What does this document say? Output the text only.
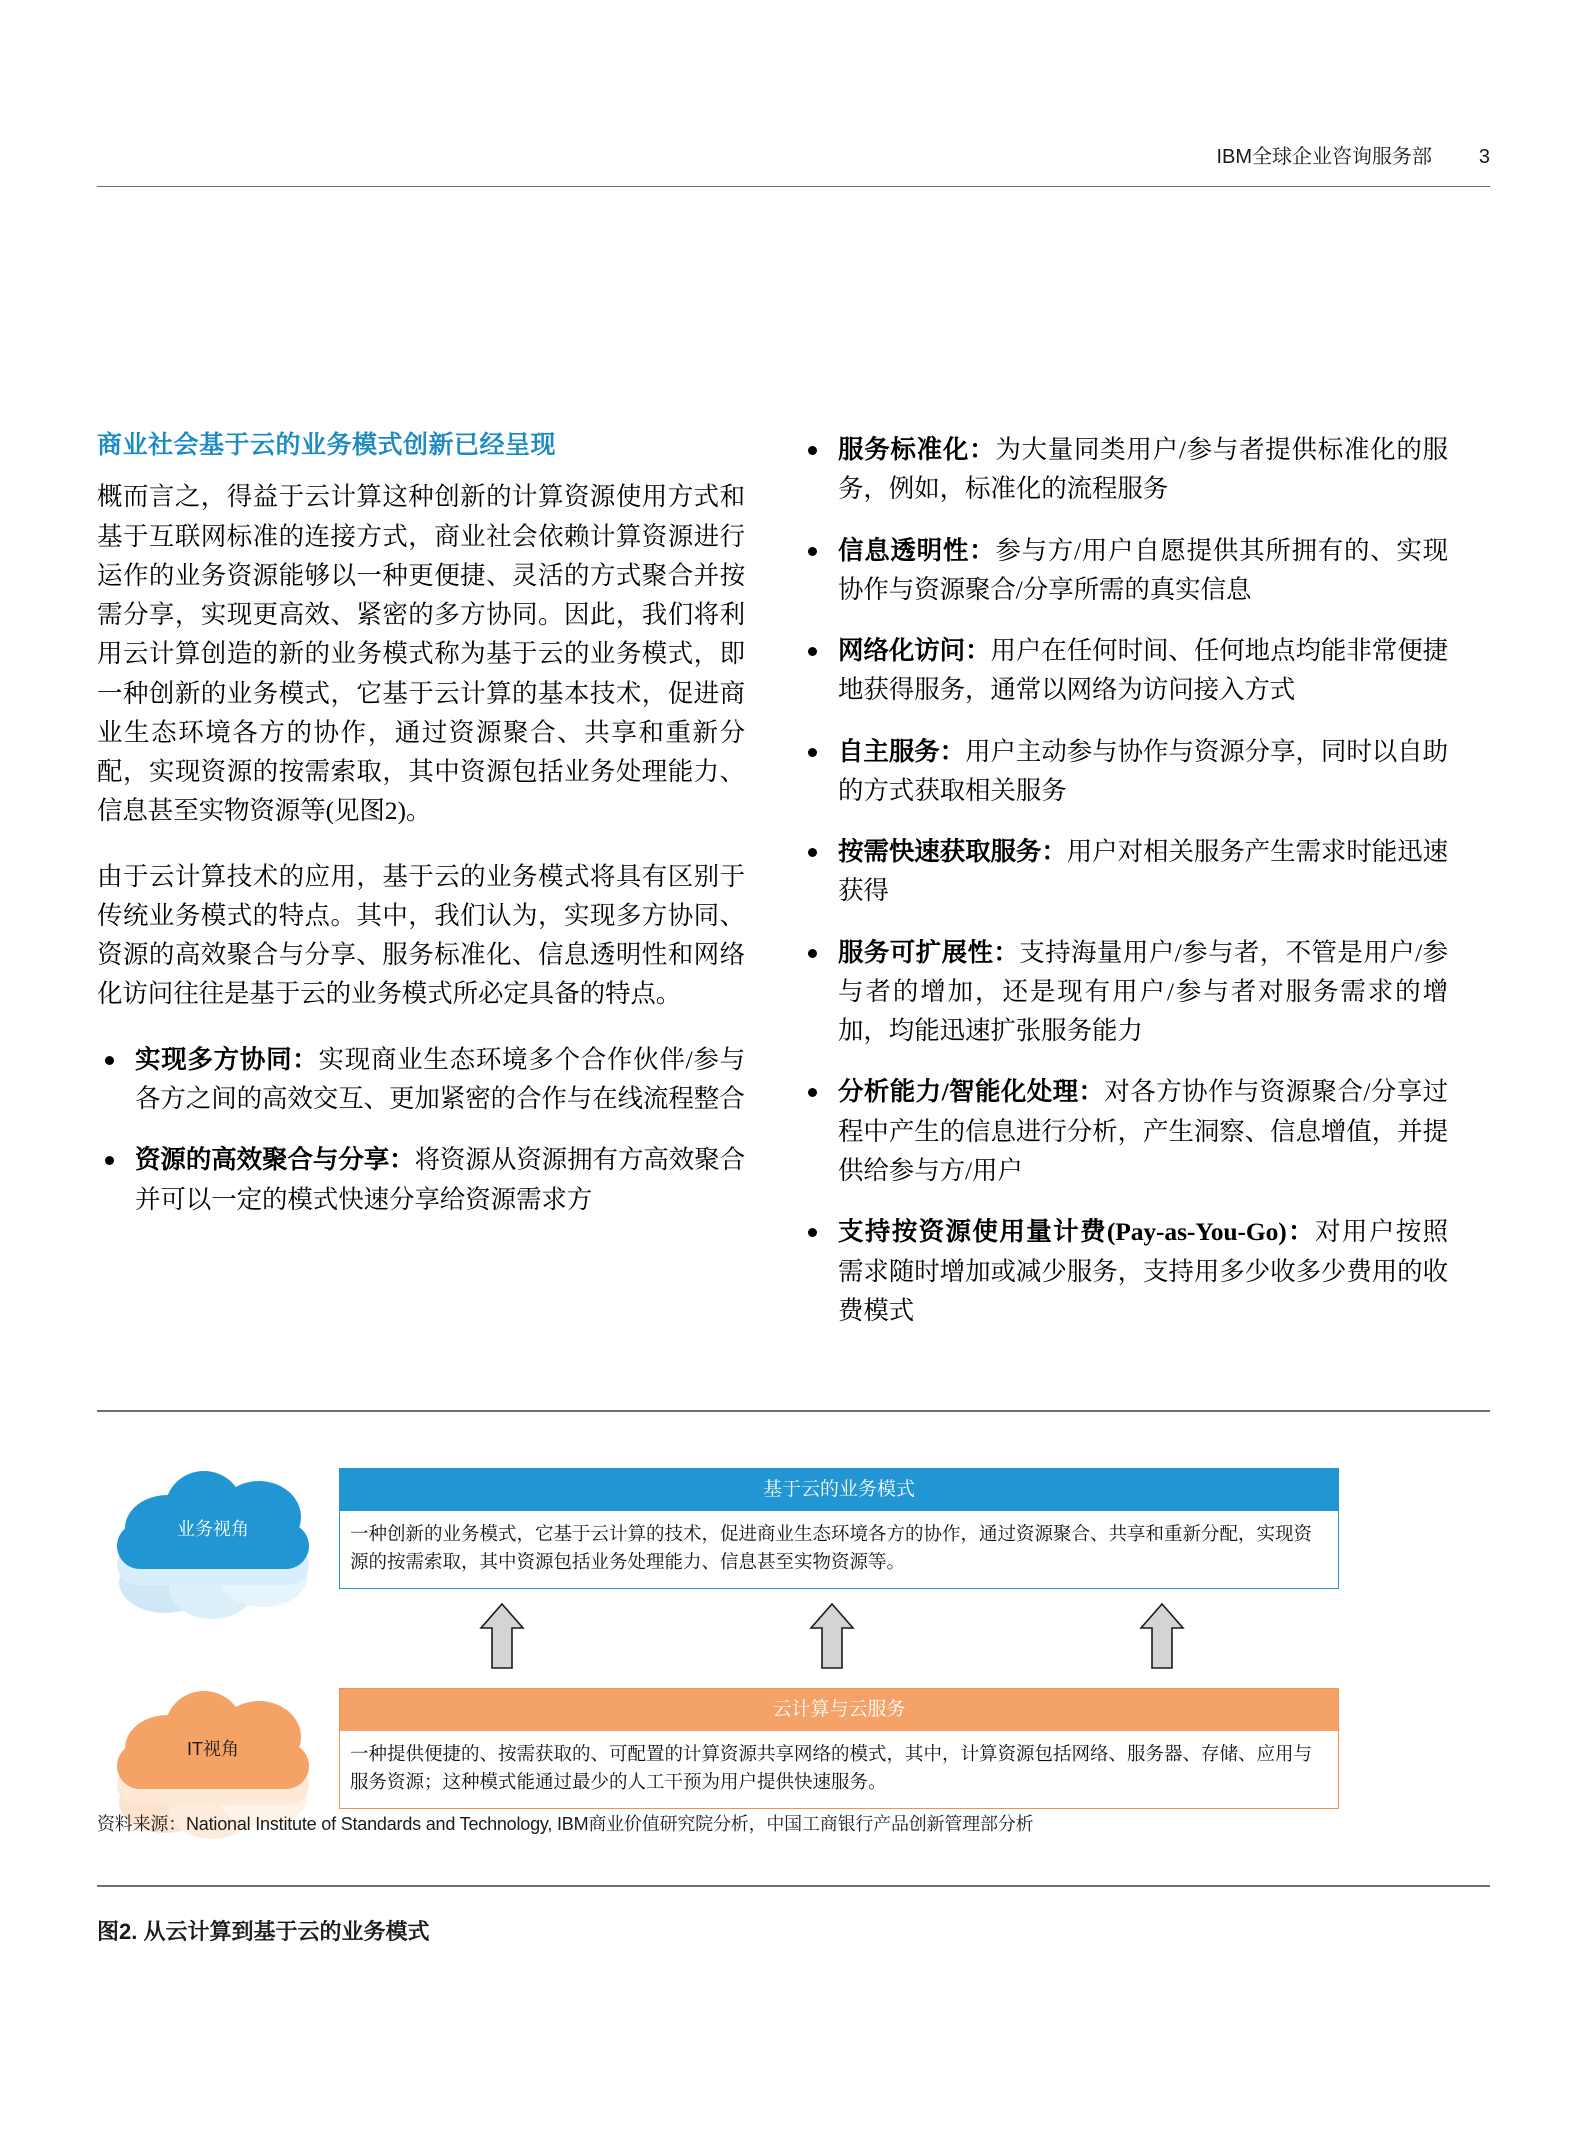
IBM全球企业咨询服务部	3
商业社会基于云的业务模式创新已经呈现

概而言之，得益于云计算这种创新的计算资源使用方式和基于互联网标准的连接方式，商业社会依赖计算资源进行运作的业务资源能够以一种更便捷、灵活的方式聚合并按需分享，实现更高效、紧密的多方协同。因此，我们将利用云计算创造的新的业务模式称为基于云的业务模式，即一种创新的业务模式，它基于云计算的基本技术，促进商业生态环境各方的协作，通过资源聚合、共享和重新分配，实现资源的按需索取，其中资源包括业务处理能力、信息甚至实物资源等(见图2)。

由于云计算技术的应用，基于云的业务模式将具有区别于传统业务模式的特点。其中，我们认为，实现多方协同、资源的高效聚合与分享、服务标准化、信息透明性和网络化访问往往是基于云的业务模式所必定具备的特点。

实现多方协同：实现商业生态环境多个合作伙伴/参与各方之间的高效交互、更加紧密的合作与在线流程整合
资源的高效聚合与分享：将资源从资源拥有方高效聚合并可以一定的模式快速分享给资源需求方
服务标准化：为大量同类用户/参与者提供标准化的服务，例如，标准化的流程服务
信息透明性：参与方/用户自愿提供其所拥有的、实现协作与资源聚合/分享所需的真实信息
网络化访问：用户在任何时间、任何地点均能非常便捷地获得服务，通常以网络为访问接入方式
自主服务：用户主动参与协作与资源分享，同时以自助的方式获取相关服务
按需快速获取服务：用户对相关服务产生需求时能迅速获得
服务可扩展性：支持海量用户/参与者，不管是用户/参与者的增加，还是现有用户/参与者对服务需求的增加，均能迅速扩张服务能力
分析能力/智能化处理：对各方协作与资源聚合/分享过程中产生的信息进行分析，产生洞察、信息增值，并提供给参与方/用户
支持按资源使用量计费(Pay-as-You-Go)：对用户按照需求随时增加或减少服务，支持用多少收多少费用的收费模式
业务视角
基于云的业务模式
一种创新的业务模式，它基于云计算的技术，促进商业生态环境各方的协作，通过资源聚合、共享和重新分配，实现资源的按需索取，其中资源包括业务处理能力、信息甚至实物资源等。
IT视角
云计算与云服务
一种提供便捷的、按需获取的、可配置的计算资源共享网络的模式，其中，计算资源包括网络、服务器、存储、应用与服务资源；这种模式能通过最少的人工干预为用户提供快速服务。
资料来源：National Institute of Standards and Technology, IBM商业价值研究院分析，中国工商银行产品创新管理部分析
图2. 从云计算到基于云的业务模式
